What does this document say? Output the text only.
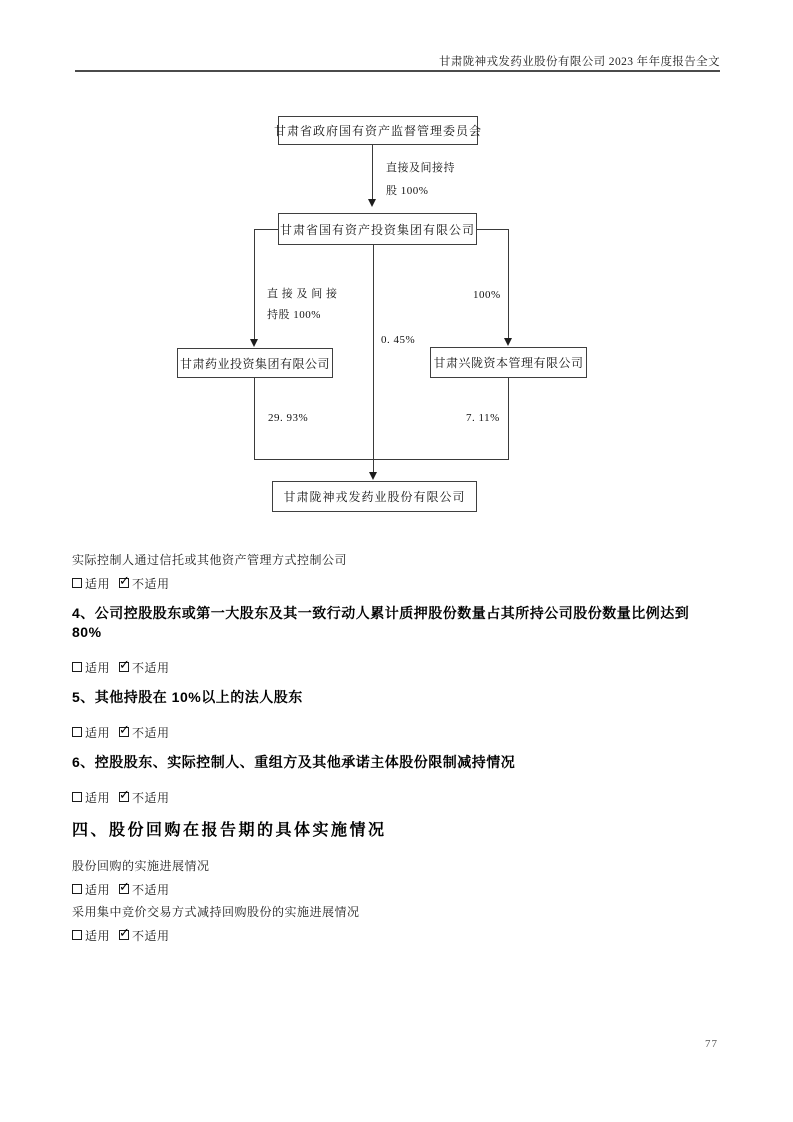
甘肃陇神戎发药业股份有限公司 2023 年年度报告全文
甘肃省政府国有资产监督管理委员会
直接及间接持
股 100%
甘肃省国有资产投资集团有限公司
直 接 及 间 接
持股 100%
100%
0. 45%
甘肃药业投资集团有限公司	甘肃兴陇资本管理有限公司
29. 93%	7. 11%
甘肃陇神戎发药业股份有限公司

实际控制人通过信托或其他资产管理方式控制公司

适用 ✓ 不适用
4、公司控股股东或第一大股东及其一致行动人累计质押股份数量占其所持公司股份数量比例达到 80%
适用 ✓ 不适用
5、其他持股在 10%以上的法人股东
适用 ✓ 不适用
6、控股股东、实际控制人、重组方及其他承诺主体股份限制减持情况
适用 ✓ 不适用
四、股份回购在报告期的具体实施情况

股份回购的实施进展情况

适用 ✓ 不适用

采用集中竞价交易方式减持回购股份的实施进展情况

适用 ✓ 不适用
77
